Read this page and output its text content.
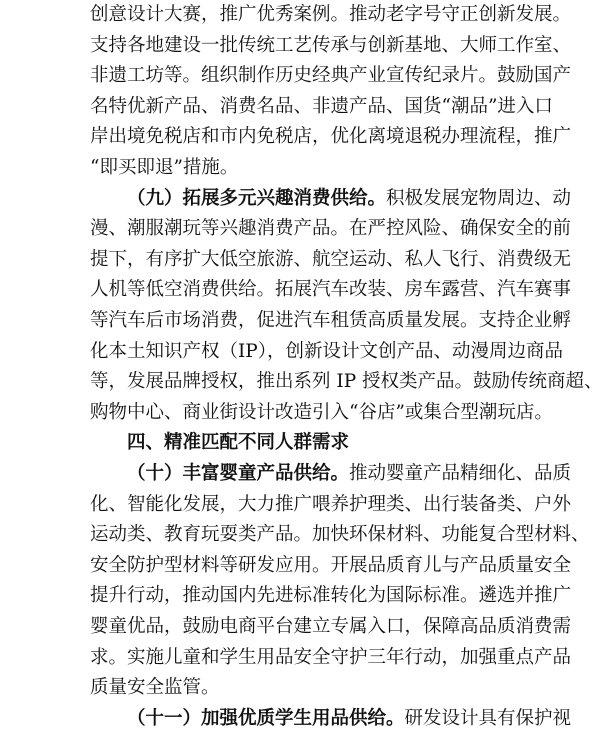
创意设计大赛，推广优秀案例。推动老字号守正创新发展。
支持各地建设一批传统工艺传承与创新基地、大师工作室、
非遗工坊等。组织制作历史经典产业宣传纪录片。鼓励国产
名特优新产品、消费名品、非遗产品、国货“潮品”进入口
岸出境免税店和市内免税店，优化离境退税办理流程，推广
“即买即退”措施。
（九）拓展多元兴趣消费供给。积极发展宠物周边、动
漫、潮服潮玩等兴趣消费产品。在严控风险、确保安全的前
提下，有序扩大低空旅游、航空运动、私人飞行、消费级无
人机等低空消费供给。拓展汽车改装、房车露营、汽车赛事
等汽车后市场消费，促进汽车租赁高质量发展。支持企业孵
化本土知识产权（IP），创新设计文创产品、动漫周边商品
等，发展品牌授权，推出系列 IP 授权类产品。鼓励传统商超、
购物中心、商业街设计改造引入“谷店”或集合型潮玩店。
四、精准匹配不同人群需求
（十）丰富婴童产品供给。推动婴童产品精细化、品质
化、智能化发展，大力推广喂养护理类、出行装备类、户外
运动类、教育玩耍类产品。加快环保材料、功能复合型材料、
安全防护型材料等研发应用。开展品质育儿与产品质量安全
提升行动，推动国内先进标准转化为国际标准。遴选并推广
婴童优品，鼓励电商平台建立专属入口，保障高品质消费需
求。实施儿童和学生用品安全守护三年行动，加强重点产品
质量安全监管。
（十一）加强优质学生用品供给。研发设计具有保护视
